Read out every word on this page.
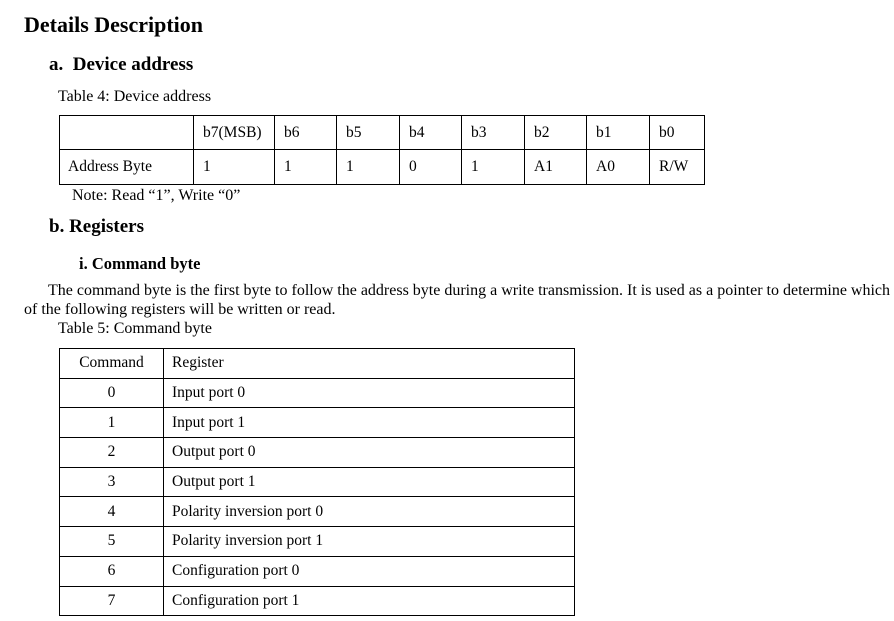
Details Description
a. Device address
Table 4: Device address
	b7(MSB)	b6	b5	b4	b3	b2	b1	b0
Address Byte	1	1	1	0	1	A1	A0	R/W
Note: Read “1”, Write “0”
b. Registers
i. Command byte
The command byte is the first byte to follow the address byte during a write transmission. It is used as a pointer to determine which of the following registers will be written or read.
Table 5: Command byte
Command	Register
0	Input port 0
1	Input port 1
2	Output port 0
3	Output port 1
4	Polarity inversion port 0
5	Polarity inversion port 1
6	Configuration port 0
7	Configuration port 1
